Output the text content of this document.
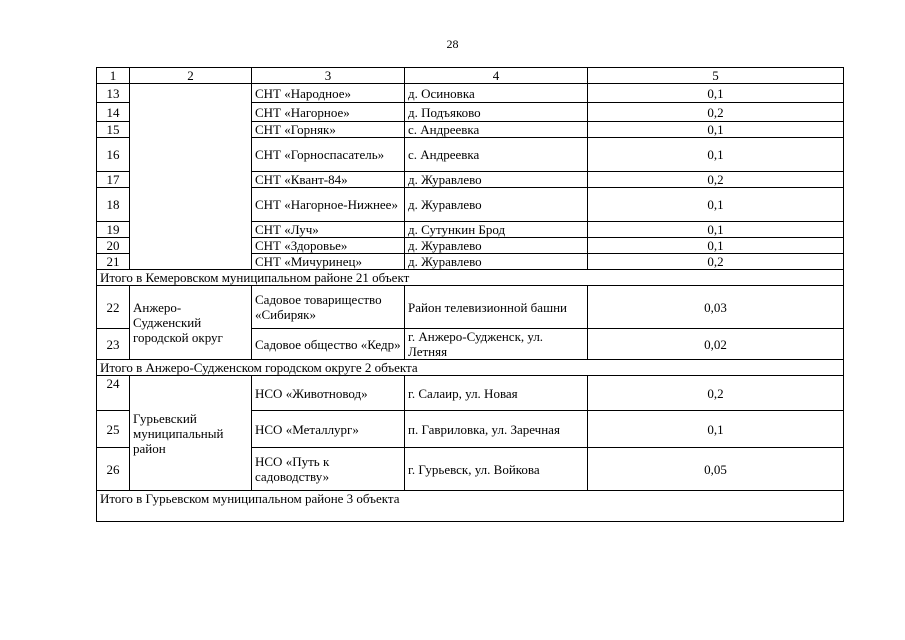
28
1	2	3	4	5
13		СНТ «Народное»	д. Осиновка	0,1
14		СНТ «Нагорное»	д. Подъяково	0,2
15		СНТ «Горняк»	с. Андреевка	0,1
16		СНТ «Горноспасатель»	с. Андреевка	0,1
17		СНТ «Квант-84»	д. Журавлево	0,2
18		СНТ «Нагорное-Нижнее»	д. Журавлево	0,1
19		СНТ «Луч»	д. Сутункин Брод	0,1
20		СНТ «Здоровье»	д. Журавлево	0,1
21		СНТ «Мичуринец»	д. Журавлево	0,2
Итого в Кемеровском муниципальном районе 21 объект				
22	Анжеро-Судженский городской округ	Садовое товарищество «Сибиряк»	Район телевизионной башни	0,03
23		Садовое общество «Кедр»	г. Анжеро-Судженск, ул. Летняя	0,02
Итого в Анжеро-Судженском городском округе 2 объекта				
24	Гурьевский муниципальный район	НСО «Животновод»	г. Салаир, ул. Новая	0,2
25		НСО «Металлург»	п. Гавриловка, ул. Заречная	0,1
26		НСО «Путь к садоводству»	г. Гурьевск, ул. Войкова	0,05
Итого в Гурьевском муниципальном районе 3 объекта				
